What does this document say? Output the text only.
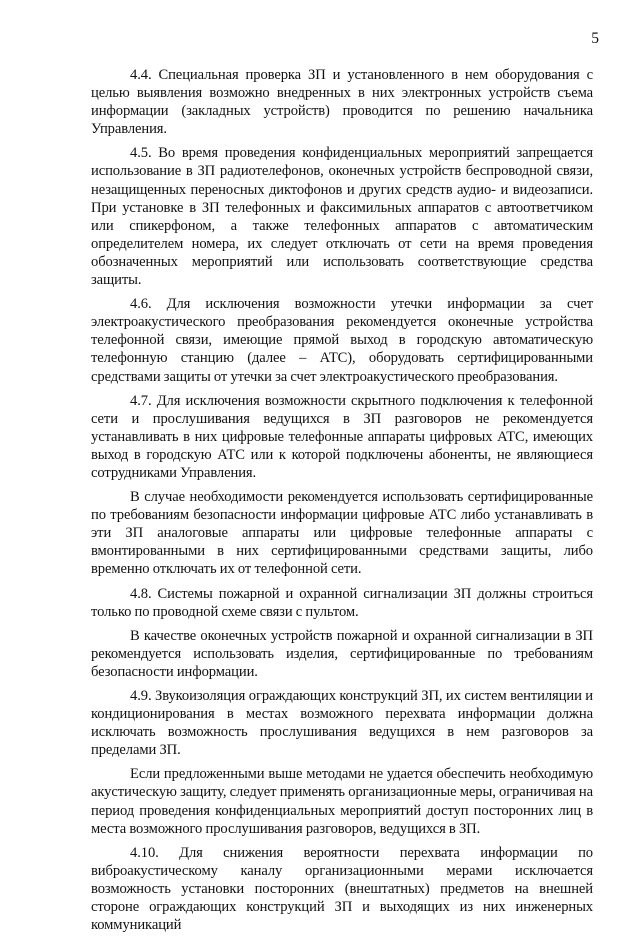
5

4.4. Специальная проверка ЗП и установленного в нем оборудования с целью выявления возможно внедренных в них электронных устройств съема информации (закладных устройств) проводится по решению начальника Управления.

4.5. Во время проведения конфиденциальных мероприятий запрещается использование в ЗП радиотелефонов, оконечных устройств беспроводной связи, незащищенных переносных диктофонов и других средств аудио- и видеозаписи. При установке в ЗП телефонных и факсимильных аппаратов с автоответчиком или спикерфоном, а также телефонных аппаратов с автоматическим определителем номера, их следует отключать от сети на время проведения обозначенных мероприятий или использовать соответствующие средства защиты.

4.6. Для исключения возможности утечки информации за счет электроакустического преобразования рекомендуется оконечные устройства телефонной связи, имеющие прямой выход в городскую автоматическую телефонную станцию (далее – АТС), оборудовать сертифицированными средствами защиты от утечки за счет электроакустического преобразования.

4.7. Для исключения возможности скрытного подключения к телефонной сети и прослушивания ведущихся в ЗП разговоров не рекомендуется устанавливать в них цифровые телефонные аппараты цифровых АТС, имеющих выход в городскую АТС или к которой подключены абоненты, не являющиеся сотрудниками Управления.

В случае необходимости рекомендуется использовать сертифицированные по требованиям безопасности информации цифровые АТС либо устанавливать в эти ЗП аналоговые аппараты или цифровые телефонные аппараты с вмонтированными в них сертифицированными средствами защиты, либо временно отключать их от телефонной сети.

4.8. Системы пожарной и охранной сигнализации ЗП должны строиться только по проводной схеме связи с пультом.

В качестве оконечных устройств пожарной и охранной сигнализации в ЗП рекомендуется использовать изделия, сертифицированные по требованиям безопасности информации.

4.9. Звукоизоляция ограждающих конструкций ЗП, их систем вентиляции и кондиционирования в местах возможного перехвата информации должна исключать возможность прослушивания ведущихся в нем разговоров за пределами ЗП.

Если предложенными выше методами не удается обеспечить необходимую акустическую защиту, следует применять организационные меры, ограничивая на период проведения конфиденциальных мероприятий доступ посторонних лиц в места возможного прослушивания разговоров, ведущихся в ЗП.

4.10. Для снижения вероятности перехвата информации по виброакустическому каналу организационными мерами исключается возможность установки посторонних (внештатных) предметов на внешней стороне ограждающих конструкций ЗП и выходящих из них инженерных коммуникаций
